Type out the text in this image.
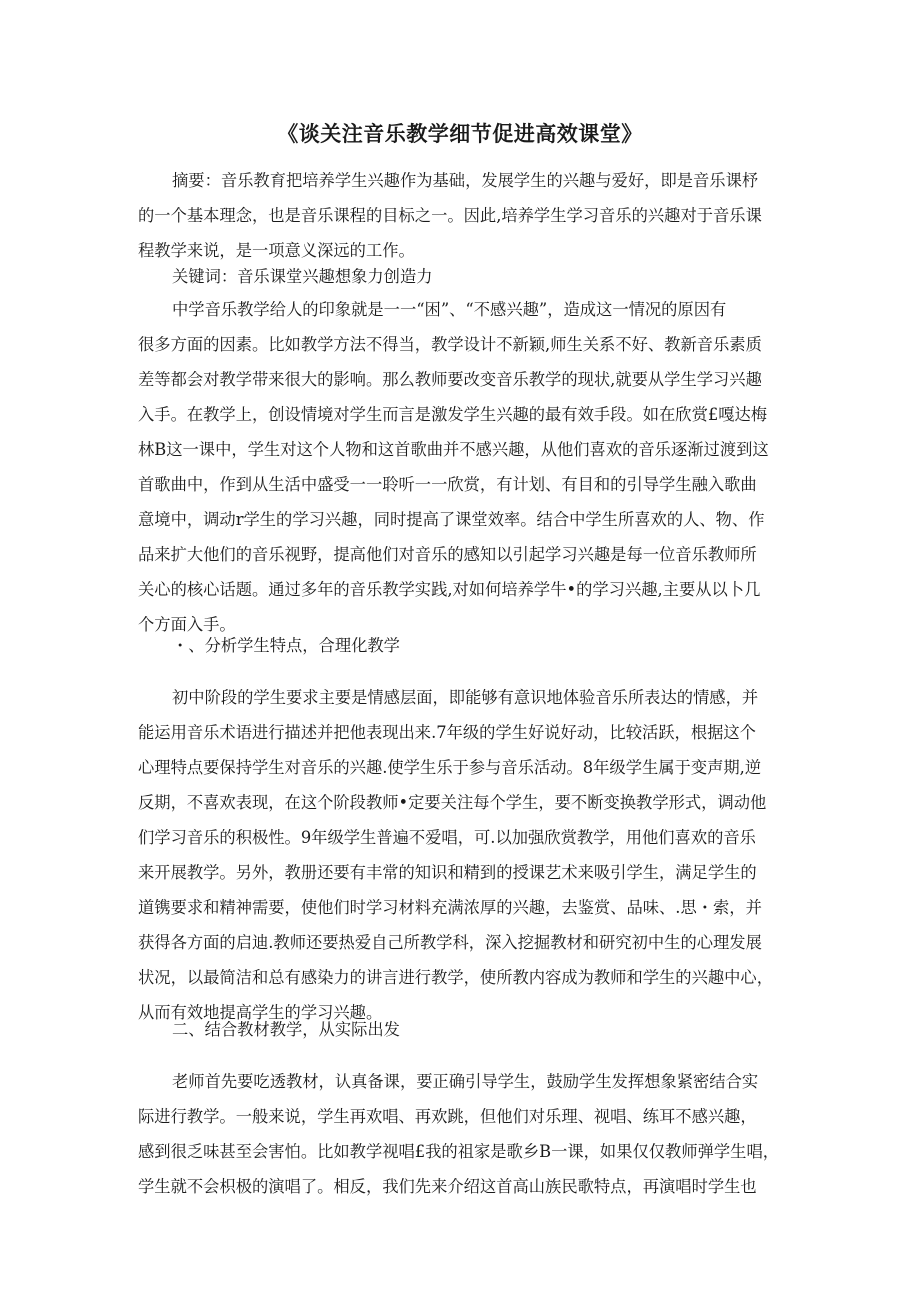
《谈关注音乐教学细节促进高效课堂》
摘要：音乐教育把培养学生兴趣作为基础，发展学生的兴趣与爱好，即是音乐课杼
的一个基本理念，也是音乐课程的目标之一。因此,培养学生学习音乐的兴趣对于音乐课
程教学来说，是一项意义深远的工作。
关键词：音乐课堂兴趣想象力创造力
中学音乐教学给人的印象就是一一“困”、“不感兴趣”，造成这一情况的原因有
很多方面的因素。比如教学方法不得当，教学设计不新颖,师生关系不好、教新音乐素质
差等都会对教学带来很大的影响。那么教师要改变音乐教学的现状,就要从学生学习兴趣
入手。在教学上，创设情境对学生而言是激发学生兴趣的最有效手段。如在欣赏£嘎达梅
林B这一课中，学生对这个人物和这首歌曲并不感兴趣，从他们喜欢的音乐逐渐过渡到这
首歌曲中，作到从生活中盛受一一聆听一一欣赏，有计划、有目和的引导学生融入歌曲
意境中，调动r学生的学习兴趣，同时提高了课堂效率。结合中学生所喜欢的人、物、作
品来扩大他们的音乐视野，提高他们对音乐的感知以引起学习兴趣是每一位音乐教师所
关心的核心话题。通过多年的音乐教学实践,对如何培养学牛•的学习兴趣,主要从以卜几
个方面入手。
・、分析学生特点，合理化教学
初中阶段的学生要求主要是情感层面，即能够有意识地体验音乐所表达的情感，并
能运用音乐术语进行描述并把他表现出来.7年级的学生好说好动，比较活跃，根据这个
心理特点要保持学生对音乐的兴趣.使学生乐于参与音乐活动。8年级学生属于变声期,逆
反期，不喜欢表现，在这个阶段教师•定要关注每个学生，要不断变换教学形式，调动他
们学习音乐的积极性。9年级学生普遍不爱唱，可.以加强欣赏教学，用他们喜欢的音乐
来开展教学。另外，教册还要有丰常的知识和精到的授课艺术来吸引学生，满足学生的
道镌要求和精神需要，使他们时学习材料充满浓厚的兴趣，去鉴赏、品味、.思・索，并
获得各方面的启迪.教师还要热爱自己所教学科，深入挖掘教材和研究初中生的心理发展
状况，以最简洁和总有感染力的讲言进行教学，使所教内容成为教师和学生的兴趣中心，
从而有效地提高学生的学习兴趣。
二、结合教材教学，从实际出发
老师首先要吃透教材，认真备课，要正确引导学生，鼓励学生发挥想象紧密结合实
际进行教学。一般来说，学生再欢唱、再欢跳，但他们对乐理、视唱、练耳不感兴趣，
感到很乏味甚至会害怕。比如教学视唱£我的祖家是歌乡B一课，如果仅仅教师弹学生唱，
学生就不会枳极的演唱了。相反，我们先来介绍这首高山族民歌特点，再演唱时学生也
